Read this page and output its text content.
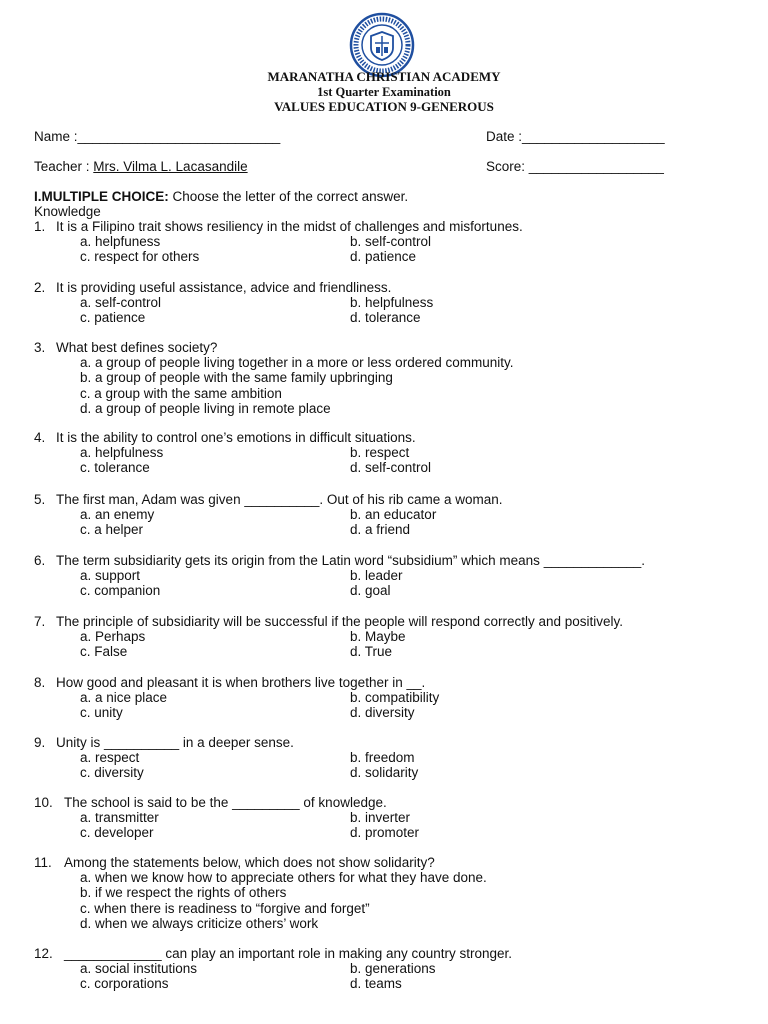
MARANATHA CHRISTIAN ACADEMY
1st Quarter Examination
VALUES EDUCATION 9-GENEROUS
Name :___________________________	Date :___________________
Teacher : Mrs. Vilma L. Lacasandile	Score: __________________
I.MULTIPLE CHOICE: Choose the letter of the correct answer.
Knowledge
1. It is a Filipino trait shows resiliency in the midst of challenges and misfortunes.
a. helpfuness	b. self-control
c. respect for others	d. patience
2. It is providing useful assistance, advice and friendliness.
a. self-control	b. helpfulness
c. patience	d. tolerance
3. What best defines society?
a. a group of people living together in a more or less ordered community.
b. a group of people with the same family upbringing
c. a group with the same ambition
d. a group of people living in remote place
4. It is the ability to control one’s emotions in difficult situations.
a. helpfulness	b. respect
c. tolerance	d. self-control
5. The first man, Adam was given __________. Out of his rib came a woman.
a. an enemy	b. an educator
c. a helper	d. a friend
6. The term subsidiarity gets its origin from the Latin word “subsidium” which means _____________.
a. support	b. leader
c. companion	d. goal
7. The principle of subsidiarity will be successful if the people will respond correctly and positively.
a. Perhaps	b. Maybe
c. False	d. True
8. How good and pleasant it is when brothers live together in __.
a. a nice place	b. compatibility
c. unity	d. diversity
9. Unity is __________ in a deeper sense.
a. respect	b. freedom
c. diversity	d. solidarity
10. The school is said to be the _________ of knowledge.
a. transmitter	b. inverter
c. developer	d. promoter
11. Among the statements below, which does not show solidarity?
a. when we know how to appreciate others for what they have done.
b. if we respect the rights of others
c. when there is readiness to “forgive and forget”
d. when we always criticize others’ work
12. _____________ can play an important role in making any country stronger.
a. social institutions	b. generations
c. corporations	d. teams
